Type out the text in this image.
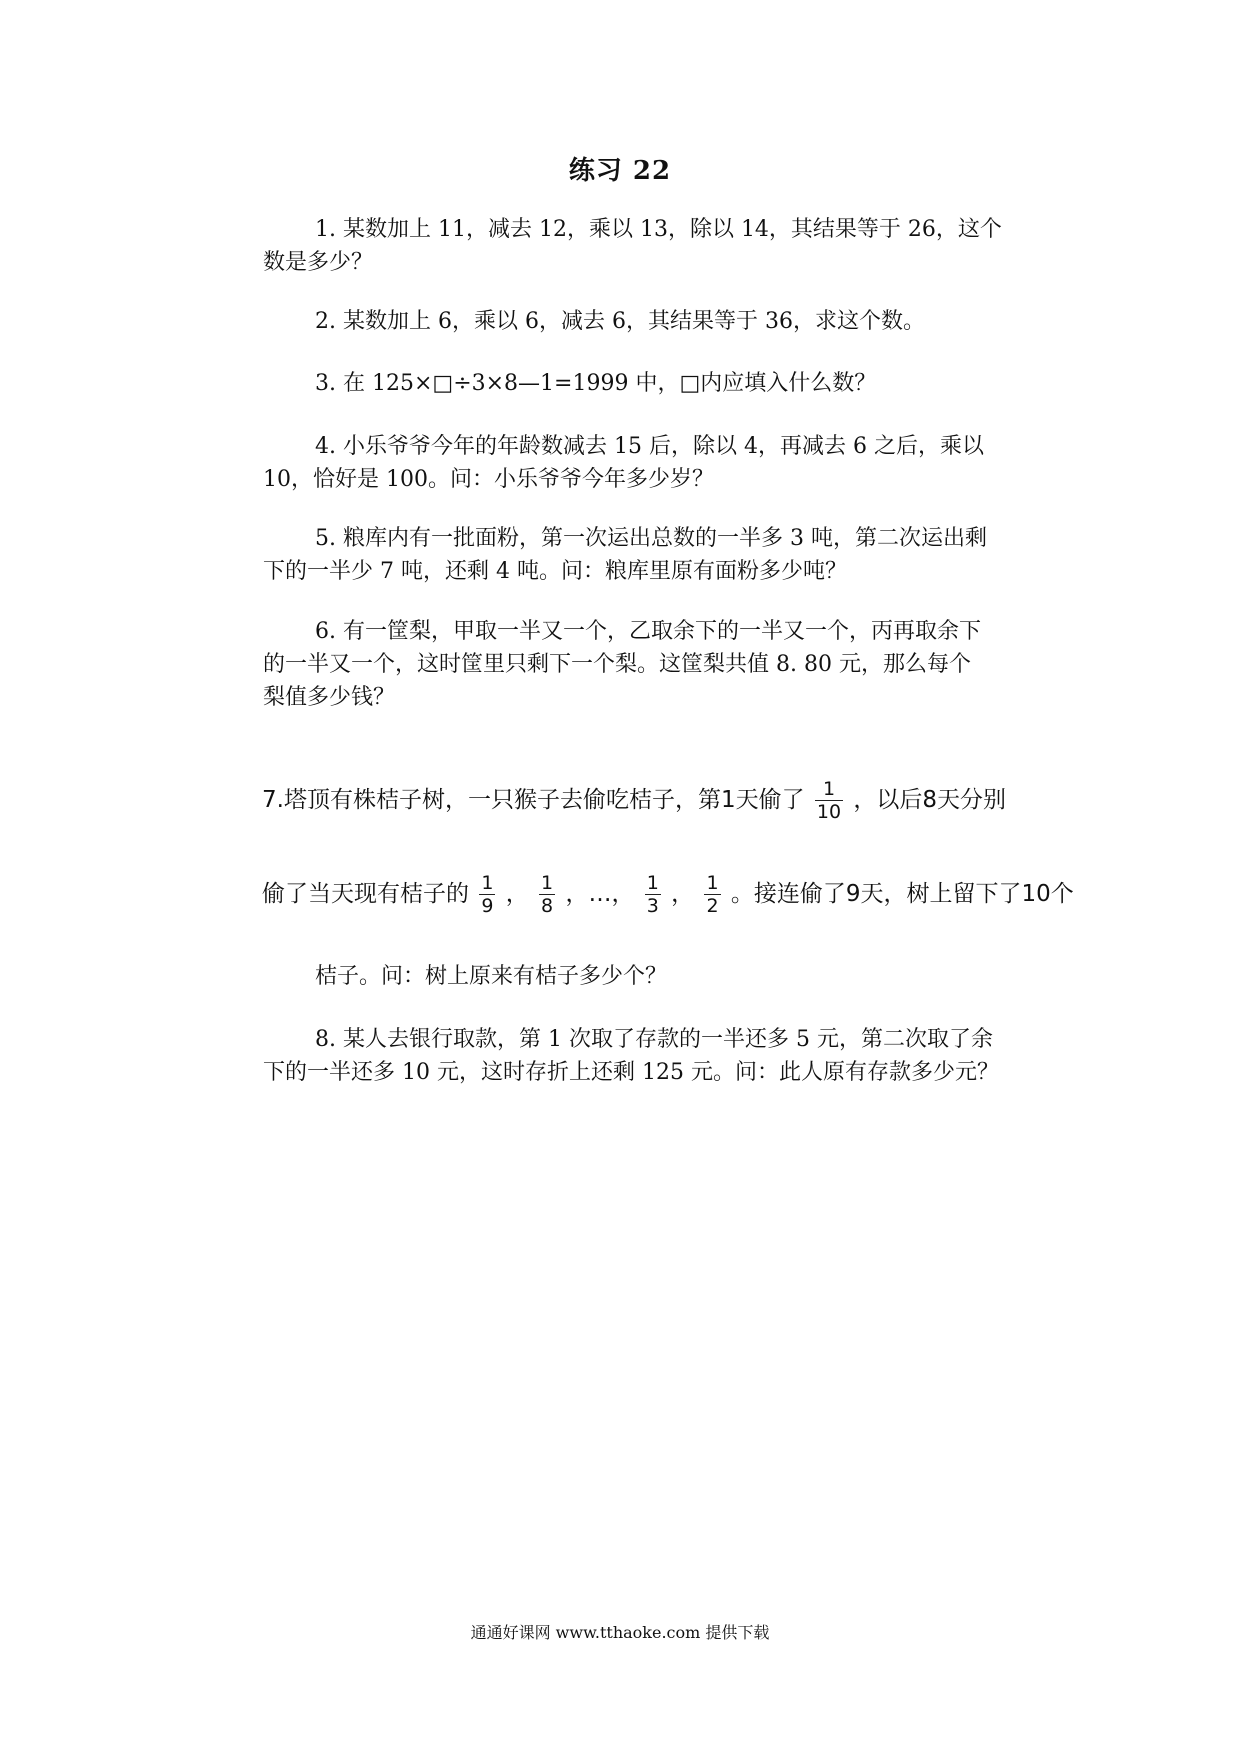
练习 22
1. 某数加上 11，减去 12，乘以 13，除以 14，其结果等于 26，这个
数是多少？
2. 某数加上 6，乘以 6，减去 6，其结果等于 36，求这个数。
3. 在 125×□÷3×8—1=1999 中，□内应填入什么数？
4. 小乐爷爷今年的年龄数减去 15 后，除以 4，再减去 6 之后，乘以
10，恰好是 100。问：小乐爷爷今年多少岁？
5. 粮库内有一批面粉，第一次运出总数的一半多 3 吨，第二次运出剩
下的一半少 7 吨，还剩 4 吨。问：粮库里原有面粉多少吨？
6. 有一筐梨，甲取一半又一个，乙取余下的一半又一个，丙再取余下
的一半又一个，这时筐里只剩下一个梨。这筐梨共值 8. 80 元，那么每个
梨值多少钱？
7.塔顶有株桔子树，一只猴子去偷吃桔子，第1天偷了 $\frac{1}{10}$ ，以后8天分别
偷了当天现有桔子的 $\frac{1}{9}$ ， $\frac{1}{8}$ ，…， $\frac{1}{3}$ ， $\frac{1}{2}$ 。接连偷了9天，树上留下了10个
桔子。问：树上原来有桔子多少个？
8. 某人去银行取款，第 1 次取了存款的一半还多 5 元，第二次取了余
下的一半还多 10 元，这时存折上还剩 125 元。问：此人原有存款多少元？
通通好课网 www.tthaoke.com 提供下载
